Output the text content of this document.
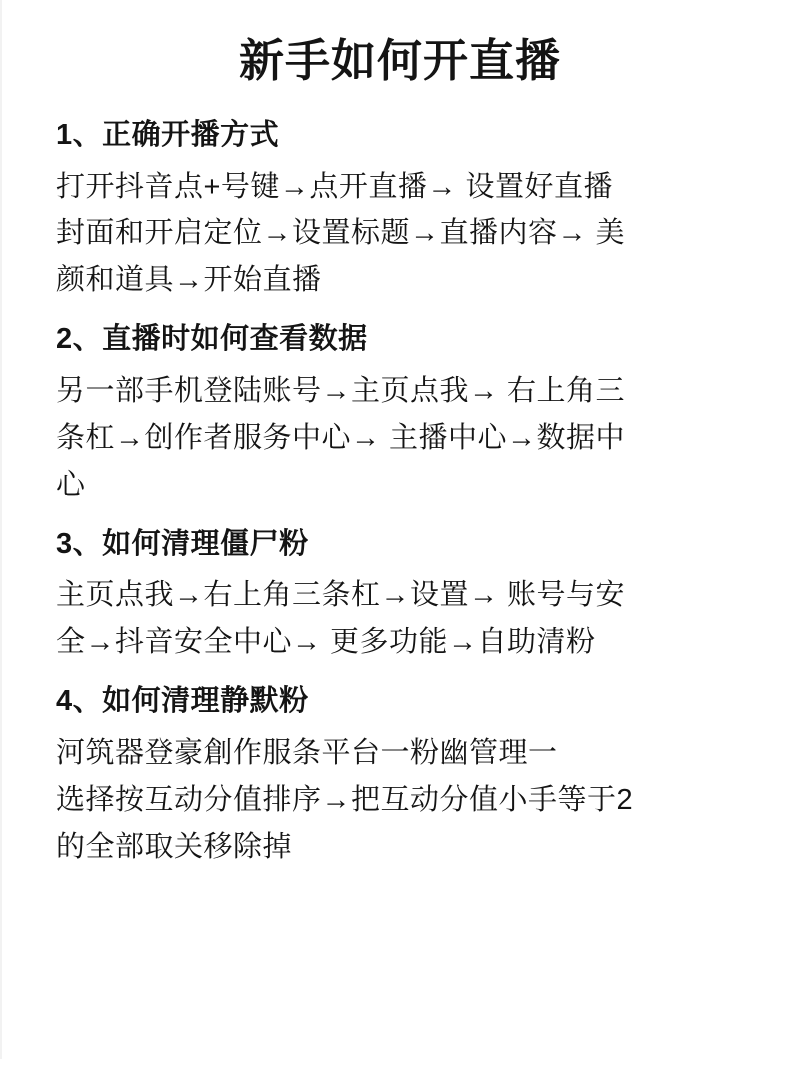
新手如何开直播
1、正确开播方式

打开抖音点+号键→点开直播→ 设置好直播
封面和开启定位→设置标题→直播内容→ 美
颜和道具→开始直播

2、直播时如何查看数据

另一部手机登陆账号→主页点我→ 右上角三
条杠→创作者服务中心→ 主播中心→数据中
心

3、如何清理僵尸粉

主页点我→右上角三条杠→设置→ 账号与安
全→抖音安全中心→ 更多功能→自助清粉

4、如何清理静默粉

河筑器登豪創作服条平台一粉幽管理一
选择按互动分值排序→把互动分值小手等于2
的全部取关移除掉
